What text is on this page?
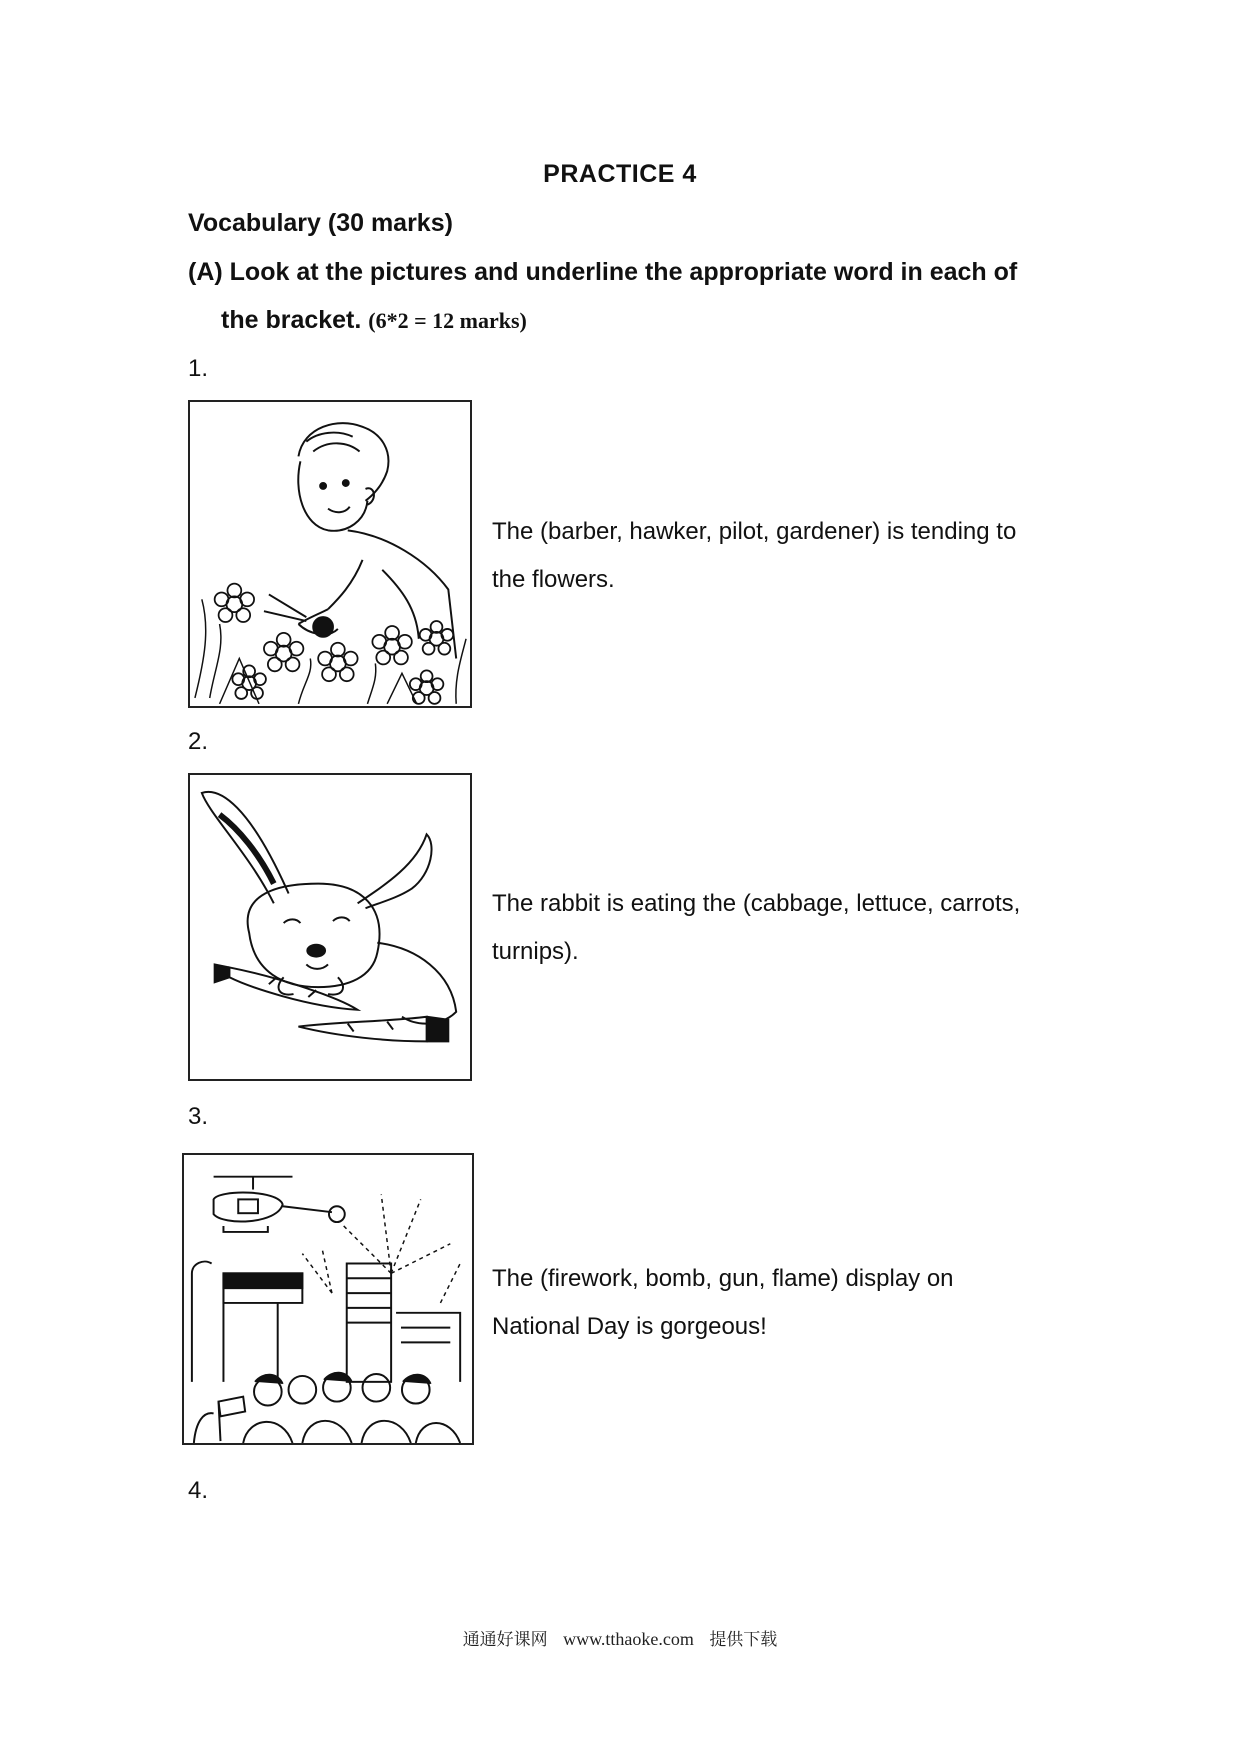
PRACTICE 4
Vocabulary (30 marks)
(A) Look at the pictures and underline the appropriate word in each of
the bracket. (6*2 = 12 marks)
1.
The (barber, hawker, pilot, gardener) is tending to
the flowers.
2.
The rabbit is eating the (cabbage, lettuce, carrots,
turnips).
3.
The (firework, bomb, gun, flame) display on
National Day is gorgeous!
4.
通通好课网 www.tthaoke.com 提供下载
